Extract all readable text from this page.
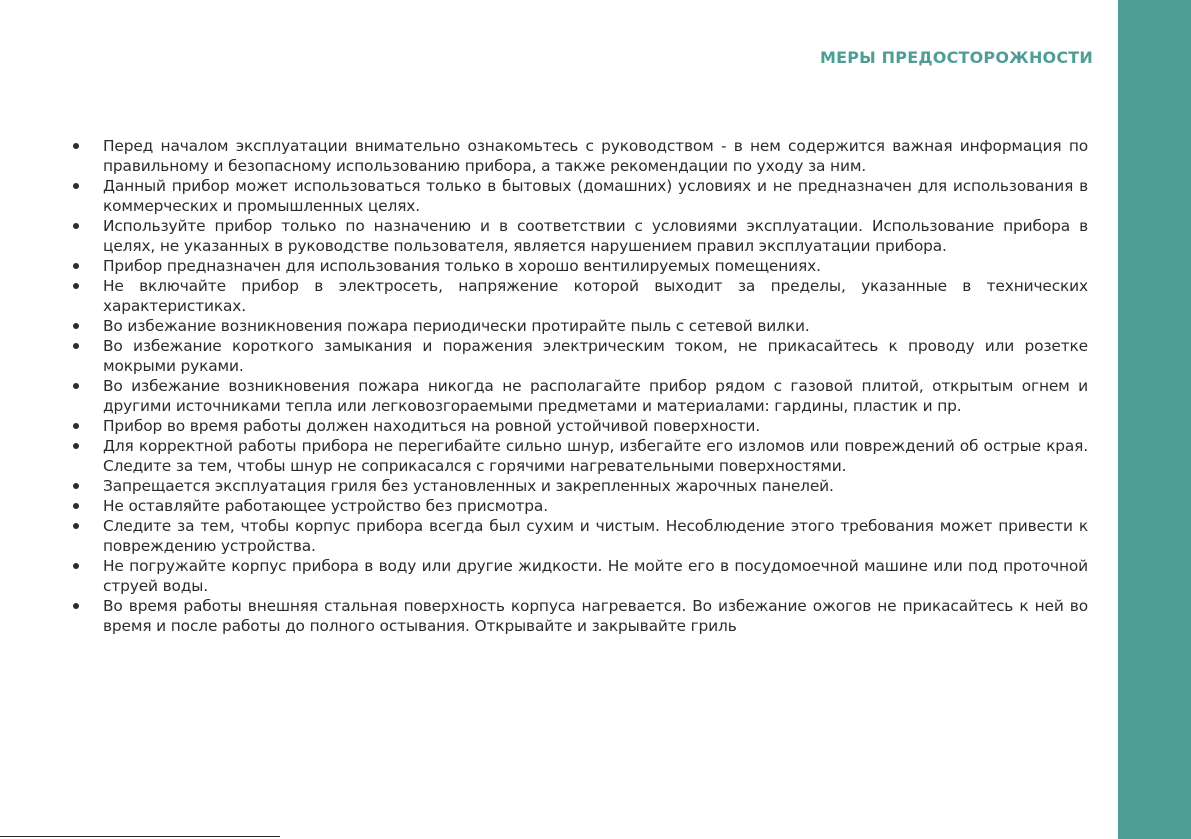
МЕРЫ ПРЕДОСТОРОЖНОСТИ
Перед началом эксплуатации внимательно ознакомьтесь с руководством - в нем содержится важная информация по правильному и безопасному использованию прибора, а также рекомендации по уходу за ним.
Данный прибор может использоваться только в бытовых (домашних) условиях и не предназначен для использования в коммерческих и промышленных целях.
Используйте прибор только по назначению и в соответствии с условиями эксплуатации. Использование прибора в целях, не указанных в руководстве пользователя, является нарушением правил эксплуатации прибора.
Прибор предназначен для использования только в хорошо вентилируемых помещениях.
Не включайте прибор в электросеть, напряжение которой выходит за пределы, указанные в технических характеристиках.
Во избежание возникновения пожара периодически протирайте пыль с сетевой вилки.
Во избежание короткого замыкания и поражения электрическим током, не прикасайтесь к проводу или розетке мокрыми руками.
Во избежание возникновения пожара никогда не располагайте прибор рядом с газовой плитой, открытым огнем и другими источниками тепла или легковозгораемыми предметами и материалами: гардины, пластик и пр.
Прибор во время работы должен находиться на ровной устойчивой поверхности.
Для корректной работы прибора не перегибайте сильно шнур, избегайте его изломов или повреждений об острые края. Следите за тем, чтобы шнур не соприкасался с горячими нагревательными поверхностями.
Запрещается эксплуатация гриля без установленных и закрепленных жарочных панелей.
Не оставляйте работающее устройство без присмотра.
Следите за тем, чтобы корпус прибора всегда был сухим и чистым. Несоблюдение этого требования может привести к повреждению устройства.
Не погружайте корпус прибора в воду или другие жидкости. Не мойте его в посудомоечной машине или под проточной струей воды.
Во время работы внешняя стальная поверхность корпуса нагревается. Во избежание ожогов не прикасайтесь к ней во время и после работы до полного остывания. Открывайте и закрывайте гриль
